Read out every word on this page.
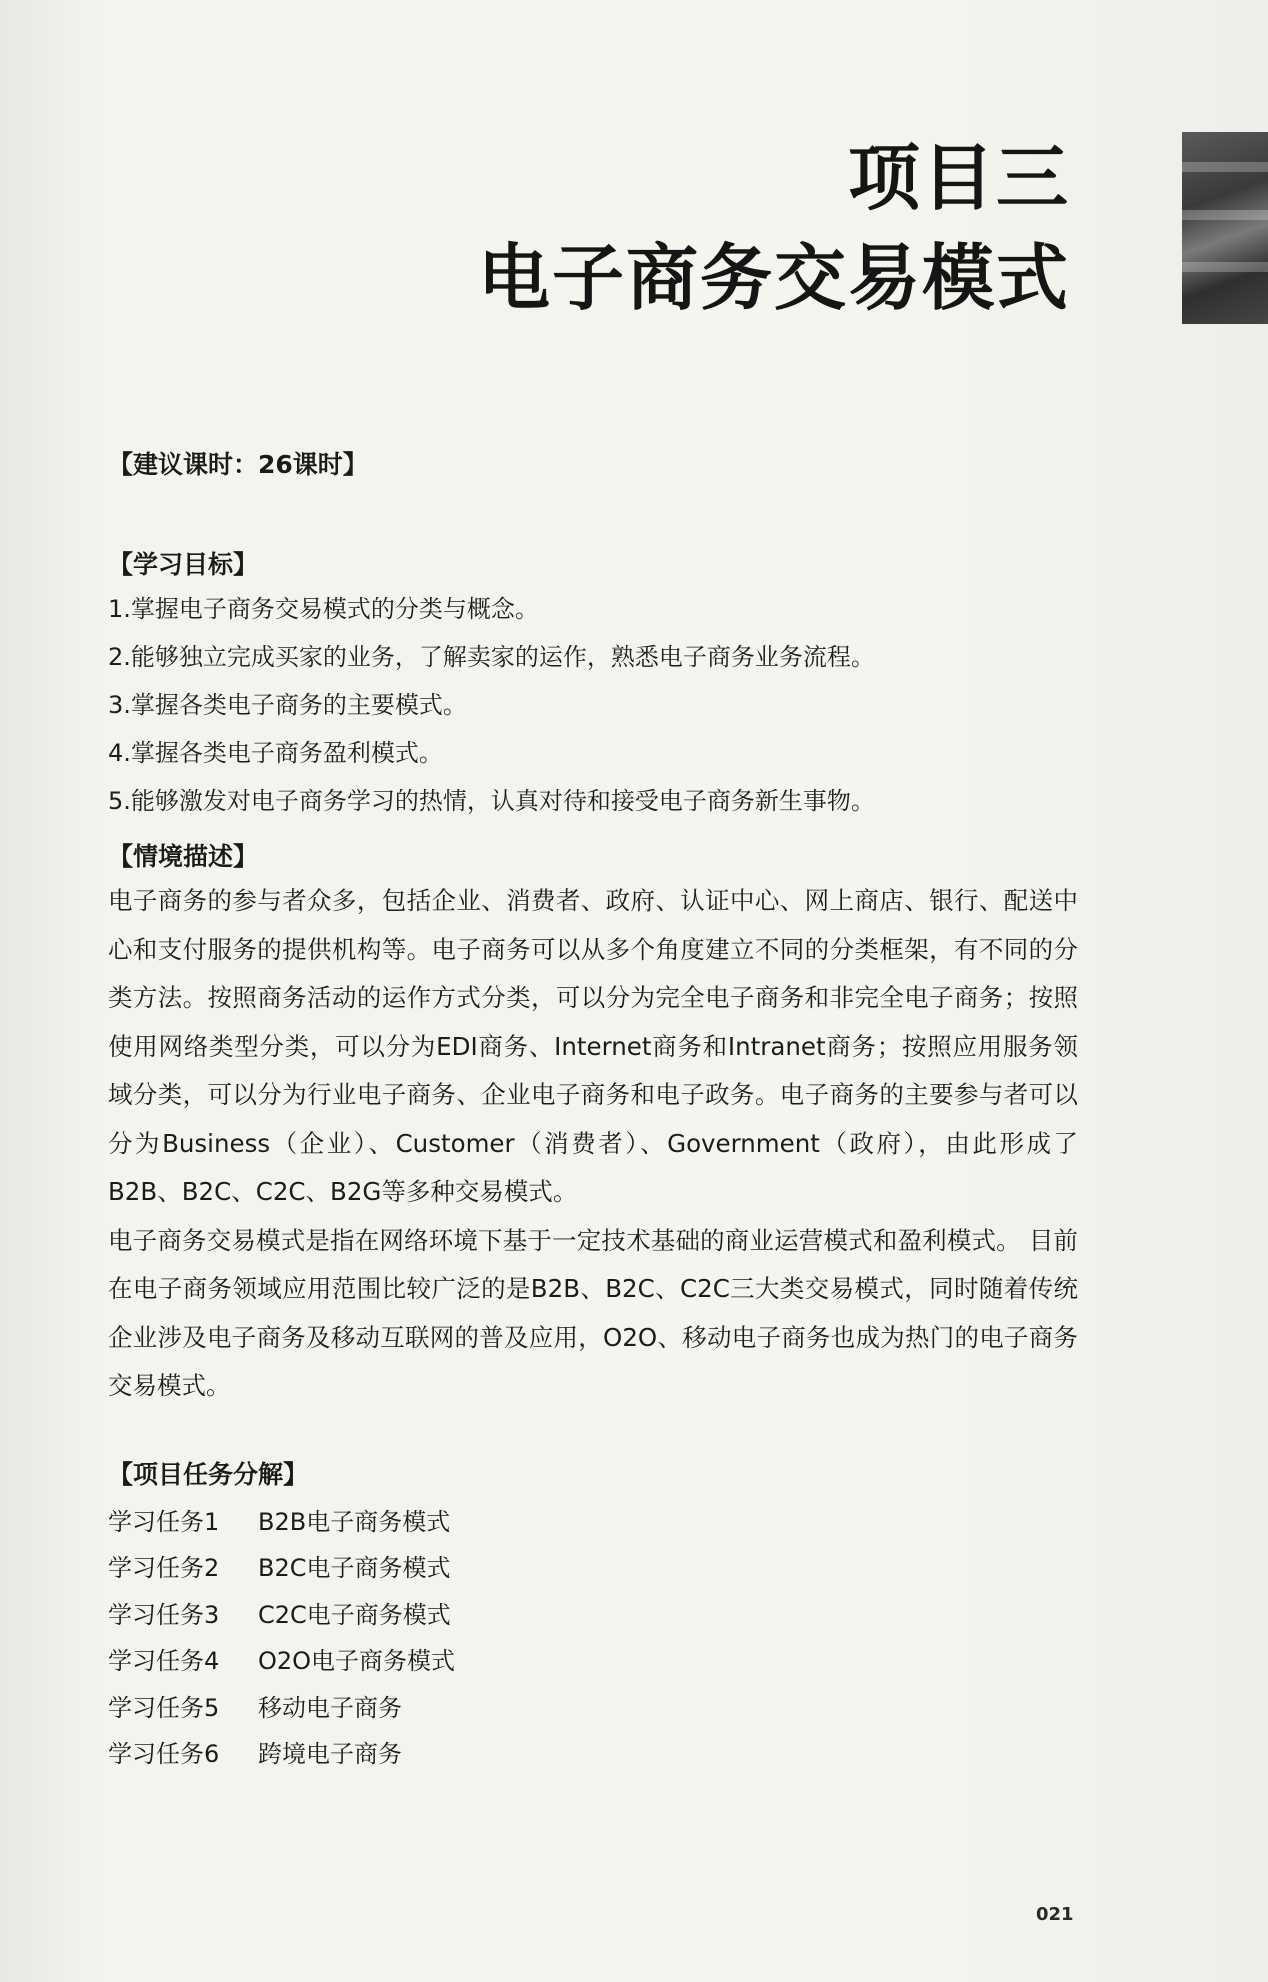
项目三
电子商务交易模式
【建议课时：26课时】
【学习目标】
1.掌握电子商务交易模式的分类与概念。
2.能够独立完成买家的业务，了解卖家的运作，熟悉电子商务业务流程。
3.掌握各类电子商务的主要模式。
4.掌握各类电子商务盈利模式。
5.能够激发对电子商务学习的热情，认真对待和接受电子商务新生事物。
【情境描述】

电子商务的参与者众多，包括企业、消费者、政府、认证中心、网上商店、银行、配送中心和支付服务的提供机构等。电子商务可以从多个角度建立不同的分类框架，有不同的分类方法。按照商务活动的运作方式分类，可以分为完全电子商务和非完全电子商务；按照使用网络类型分类，可以分为EDI商务、Internet商务和Intranet商务；按照应用服务领域分类，可以分为行业电子商务、企业电子商务和电子政务。电子商务的主要参与者可以分为Business（企业）、Customer（消费者）、Government（政府），由此形成了B2B、B2C、C2C、B2G等多种交易模式。

电子商务交易模式是指在网络环境下基于一定技术基础的商业运营模式和盈利模式。 目前在电子商务领域应用范围比较广泛的是B2B、B2C、C2C三大类交易模式，同时随着传统企业涉及电子商务及移动互联网的普及应用，O2O、移动电子商务也成为热门的电子商务交易模式。

【项目任务分解】
学习任务1	B2B电子商务模式
学习任务2	B2C电子商务模式
学习任务3	C2C电子商务模式
学习任务4	O2O电子商务模式
学习任务5	移动电子商务
学习任务6	跨境电子商务
021
